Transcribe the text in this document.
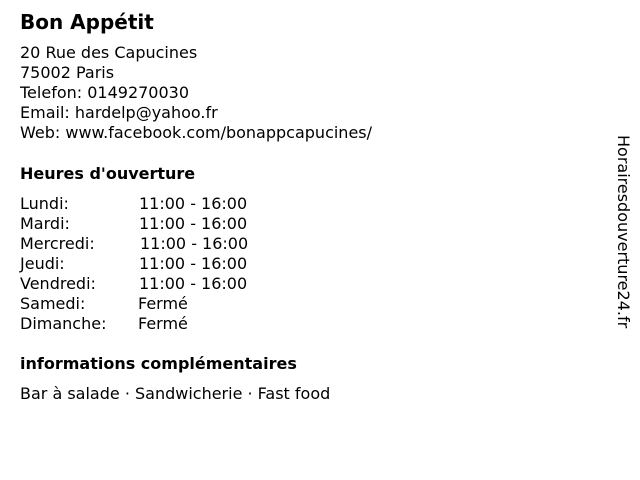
Bon Appétit
20 Rue des Capucines
75002 Paris
Telefon: 0149270030
Email: hardelp@yahoo.fr
Web: www.facebook.com/bonappcapucines/
Heures d'ouverture
Lundi:	11:00 - 16:00
Mardi:	11:00 - 16:00
Mercredi:	11:00 - 16:00
Jeudi:	11:00 - 16:00
Vendredi:	11:00 - 16:00
Samedi:	Fermé
Dimanche: Fermé
informations complémentaires
Bar à salade · Sandwicherie · Fast food
Horairesdouverture24.fr
